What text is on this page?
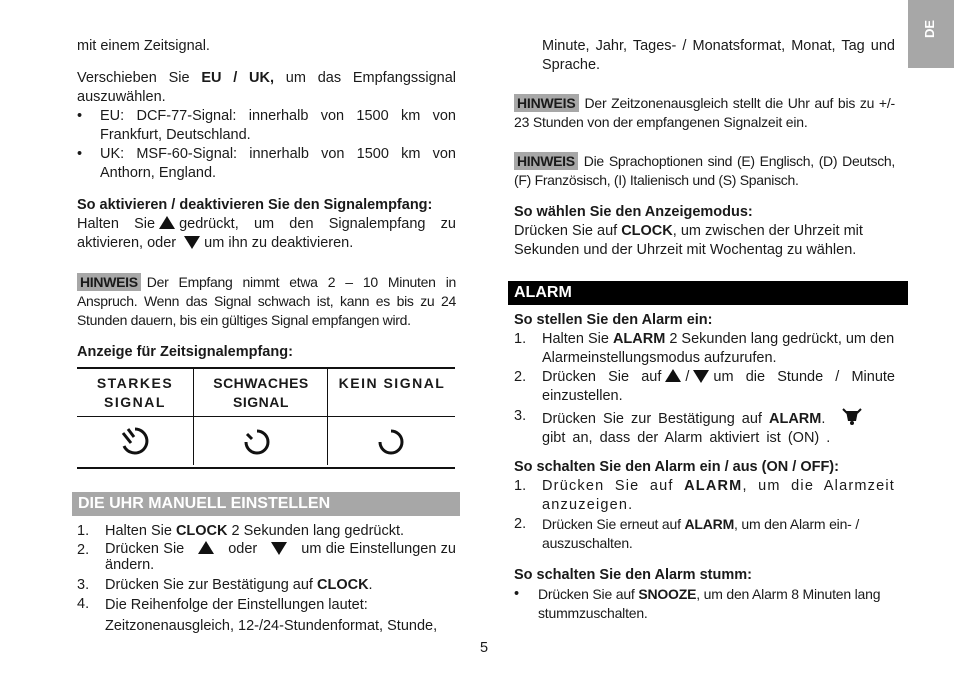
DE

mit einem Zeitsignal.

Verschieben Sie EU / UK, um das Empfangssignal auszuwählen.

• EU: DCF-77-Signal: innerhalb von 1500 km von Frankfurt, Deutschland.

• UK: MSF-60-Signal: innerhalb von 1500 km von Anthorn, England.

So aktivieren / deaktivieren Sie den Signalempfang:

Halten Sie gedrückt, um den Signalempfang zu aktivieren, oder um ihn zu deaktivieren.

HINWEIS Der Empfang nimmt etwa 2 – 10 Minuten in Anspruch. Wenn das Signal schwach ist, kann es bis zu 24 Stunden dauern, bis ein gültiges Signal empfangen wird.

Anzeige für Zeitsignalempfang:

STARKES SIGNAL
SCHWACHES SIGNAL
KEIN SIGNAL
DIE UHR MANUELL EINSTELLEN
1. Halten Sie CLOCK 2 Sekunden lang gedrückt.

2. Drücken Sie	oder	um die Einstellungen zu ändern.

3. Drücken Sie zur Bestätigung auf CLOCK.

4. Die Reihenfolge der Einstellungen lautet: Zeitzonenausgleich, 12-/24-Stundenformat, Stunde,

Minute, Jahr, Tages- / Monatsformat, Monat, Tag und Sprache.

HINWEIS Der Zeitzonenausgleich stellt die Uhr auf bis zu +/- 23 Stunden von der empfangenen Signalzeit ein.

HINWEIS Die Sprachoptionen sind (E) Englisch, (D) Deutsch, (F) Französisch, (I) Italienisch und (S) Spanisch.

So wählen Sie den Anzeigemodus:

Drücken Sie auf CLOCK, um zwischen der Uhrzeit mit Sekunden und der Uhrzeit mit Wochentag zu wählen.

ALARM

So stellen Sie den Alarm ein:

1. Halten Sie ALARM 2 Sekunden lang gedrückt, um den Alarmeinstellungsmodus aufzurufen.

2. Drücken Sie auf / um die Stunde / Minute einzustellen.

3. Drücken Sie zur Bestätigung auf ALARM.
gibt an, dass der Alarm aktiviert ist (ON) .

So schalten Sie den Alarm ein / aus (ON / OFF):

1. Drücken Sie auf ALARM, um die Alarmzeit anzuzeigen.

2. Drücken Sie erneut auf ALARM, um den Alarm ein- / auszuschalten.

So schalten Sie den Alarm stumm:

• Drücken Sie auf SNOOZE, um den Alarm 8 Minuten lang stummzuschalten.

5
